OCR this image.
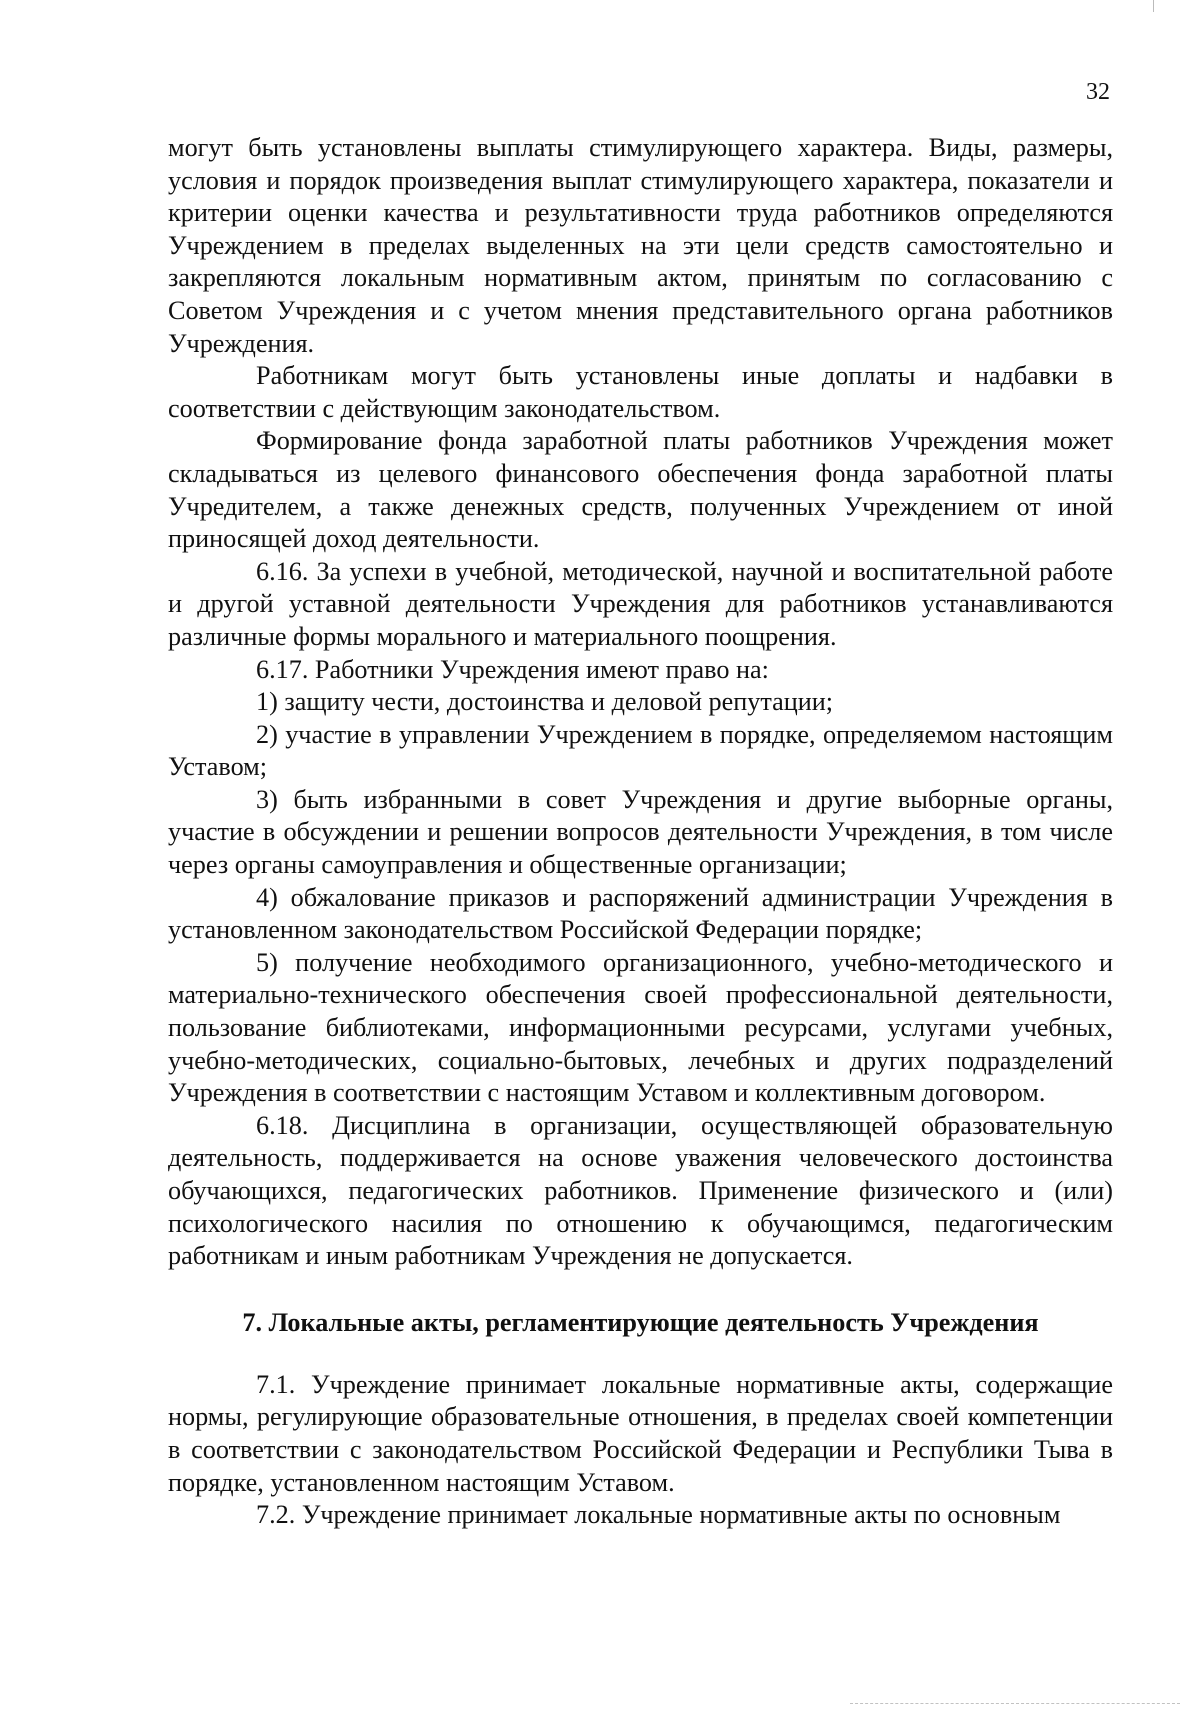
32

могут быть установлены выплаты стимулирующего характера. Виды, размеры, условия и порядок произведения выплат стимулирующего характера, показатели и критерии оценки качества и результативности труда работников определяются Учреждением в пределах выделенных на эти цели средств самостоятельно и закрепляются локальным нормативным актом, принятым по согласованию с Советом Учреждения и с учетом мнения представительного органа работников Учреждения.

Работникам могут быть установлены иные доплаты и надбавки в соответствии с действующим законодательством.

Формирование фонда заработной платы работников Учреждения может складываться из целевого финансового обеспечения фонда заработной платы Учредителем, а также денежных средств, полученных Учреждением от иной приносящей доход деятельности.

6.16. За успехи в учебной, методической, научной и воспитательной работе и другой уставной деятельности Учреждения для работников устанавливаются различные формы морального и материального поощрения.

6.17. Работники Учреждения имеют право на:

1) защиту чести, достоинства и деловой репутации;

2) участие в управлении Учреждением в порядке, определяемом настоящим Уставом;

3) быть избранными в совет Учреждения и другие выборные органы, участие в обсуждении и решении вопросов деятельности Учреждения, в том числе через органы самоуправления и общественные организации;

4) обжалование приказов и распоряжений администрации Учреждения в установленном законодательством Российской Федерации порядке;

5) получение необходимого организационного, учебно-методического и материально-технического обеспечения своей профессиональной деятельности, пользование библиотеками, информационными ресурсами, услугами учебных, учебно-методических, социально-бытовых, лечебных и других подразделений Учреждения в соответствии с настоящим Уставом и коллективным договором.

6.18. Дисциплина в организации, осуществляющей образовательную деятельность, поддерживается на основе уважения человеческого достоинства обучающихся, педагогических работников. Применение физического и (или) психологического насилия по отношению к обучающимся, педагогическим работникам и иным работникам Учреждения не допускается.

7. Локальные акты, регламентирующие деятельность Учреждения

7.1. Учреждение принимает локальные нормативные акты, содержащие нормы, регулирующие образовательные отношения, в пределах своей компетенции в соответствии с законодательством Российской Федерации и Республики Тыва в порядке, установленном настоящим Уставом.

7.2. Учреждение принимает локальные нормативные акты по основным
